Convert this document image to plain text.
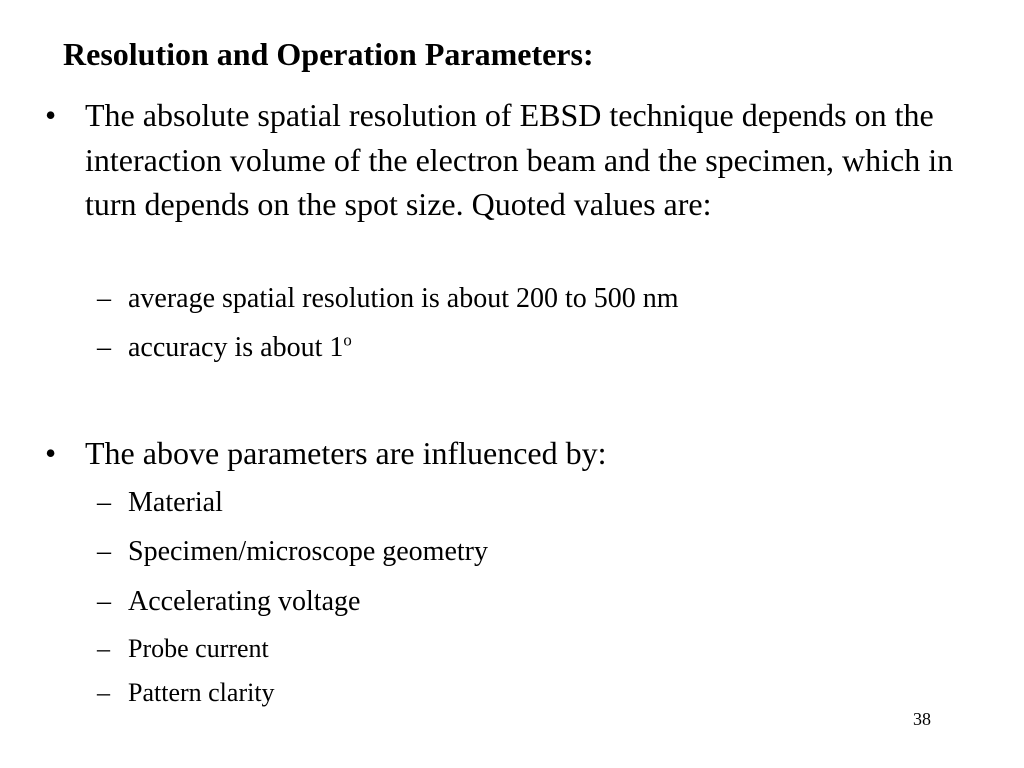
Resolution and Operation Parameters:
• The absolute spatial resolution of EBSD technique depends on the interaction volume of the electron beam and the specimen, which in turn depends on the spot size. Quoted values are:
– average spatial resolution is about 200 to 500 nm
– accuracy is about 1$^o$
• The above parameters are influenced by:
– Material
– Specimen/microscope geometry
– Accelerating voltage
– Probe current
– Pattern clarity
38
